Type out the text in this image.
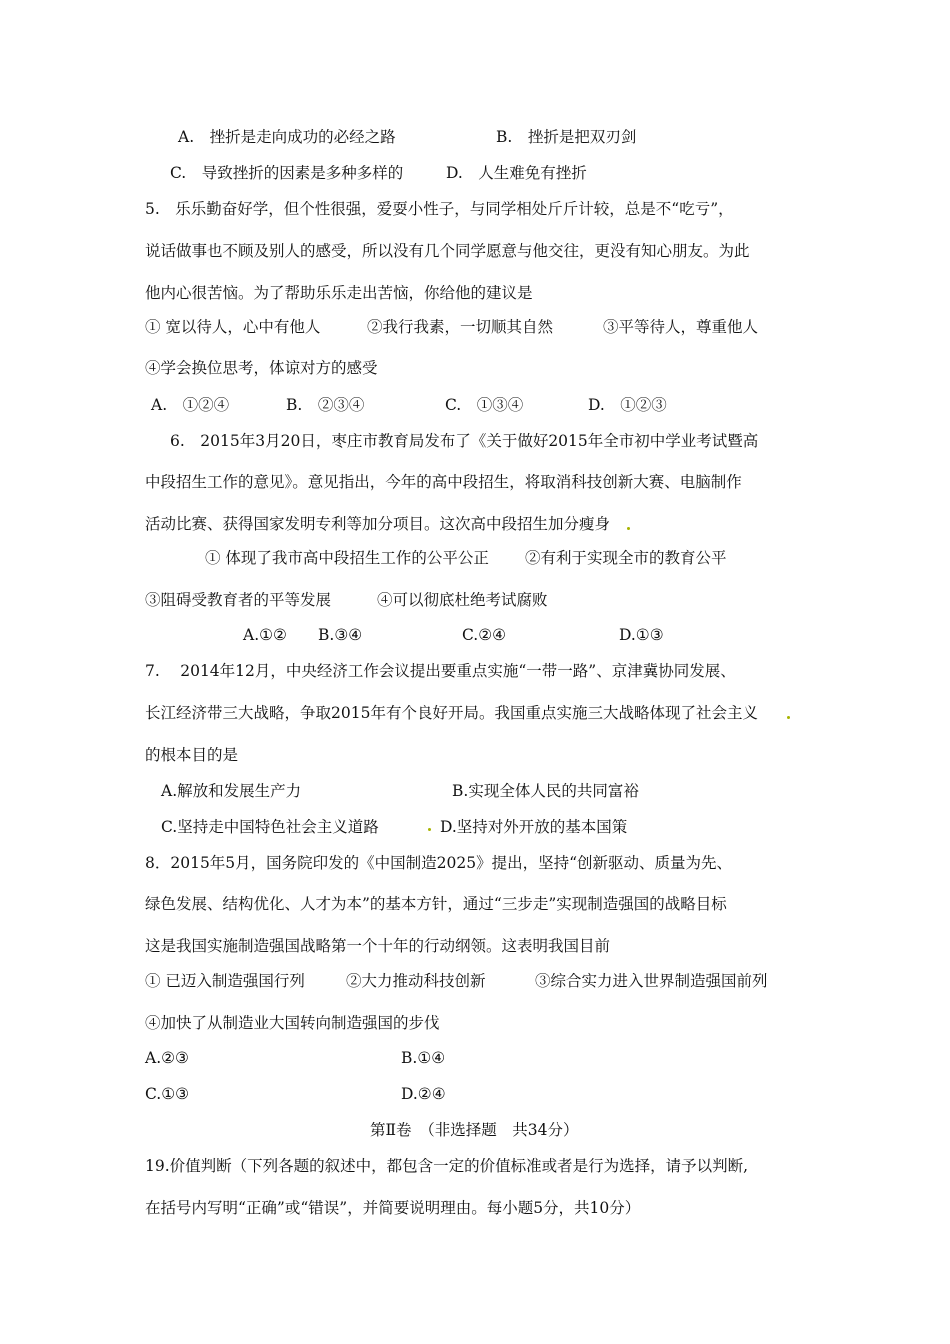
A.　挫折是走向成功的必经之路	B.　挫折是把双刃剑
C.　导致挫折的因素是多种多样的	D.　人生难免有挫折
5.　乐乐勤奋好学，但个性很强，爱耍小性子，与同学相处斤斤计较，总是不“吃亏”，
说话做事也不顾及别人的感受，所以没有几个同学愿意与他交往，更没有知心朋友。为此
他内心很苦恼。为了帮助乐乐走出苦恼，你给他的建议是
① 宽以待人，心中有他人	②我行我素，一切顺其自然	③平等待人，尊重他人
④学会换位思考，体谅对方的感受
A.　①②④	B.　②③④	C.　①③④	D.　①②③
6.　2015年3月20日，枣庄市教育局发布了《关于做好2015年全市初中学业考试暨高
中段招生工作的意见》。意见指出，今年的高中段招生，将取消科技创新大赛、电脑制作
活动比赛、获得国家发明专利等加分项目。这次高中段招生加分瘦身
① 体现了我市高中段招生工作的公平公正 ②有利于实现全市的教育公平
③阻碍受教育者的平等发展	④可以彻底杜绝考试腐败
A.①② B.③④	C.②④	D.①③
7.　 2014年12月，中央经济工作会议提出要重点实施“一带一路”、京津冀协同发展、
长江经济带三大战略，争取2015年有个良好开局。我国重点实施三大战略体现了社会主义
的根本目的是
A.解放和发展生产力	B.实现全体人民的共同富裕
C.坚持走中国特色社会主义道路	D.坚持对外开放的基本国策
8．2015年5月，国务院印发的《中国制造2025》提出，坚持“创新驱动、质量为先、
绿色发展、结构优化、人才为本”的基本方针，通过“三步走”实现制造强国的战略目标
这是我国实施制造强国战略第一个十年的行动纲领。这表明我国目前
① 已迈入制造强国行列	②大力推动科技创新	③综合实力进入世界制造强国前列
④加快了从制造业大国转向制造强国的步伐
A.②③	B.①④
C.①③	D.②④
第Ⅱ卷　（非选择题　共34分）
19.价值判断（下列各题的叙述中，都包含一定的价值标准或者是行为选择，请予以判断,
在括号内写明“正确”或“错误”，并简要说明理由。每小题5分，共10分）
